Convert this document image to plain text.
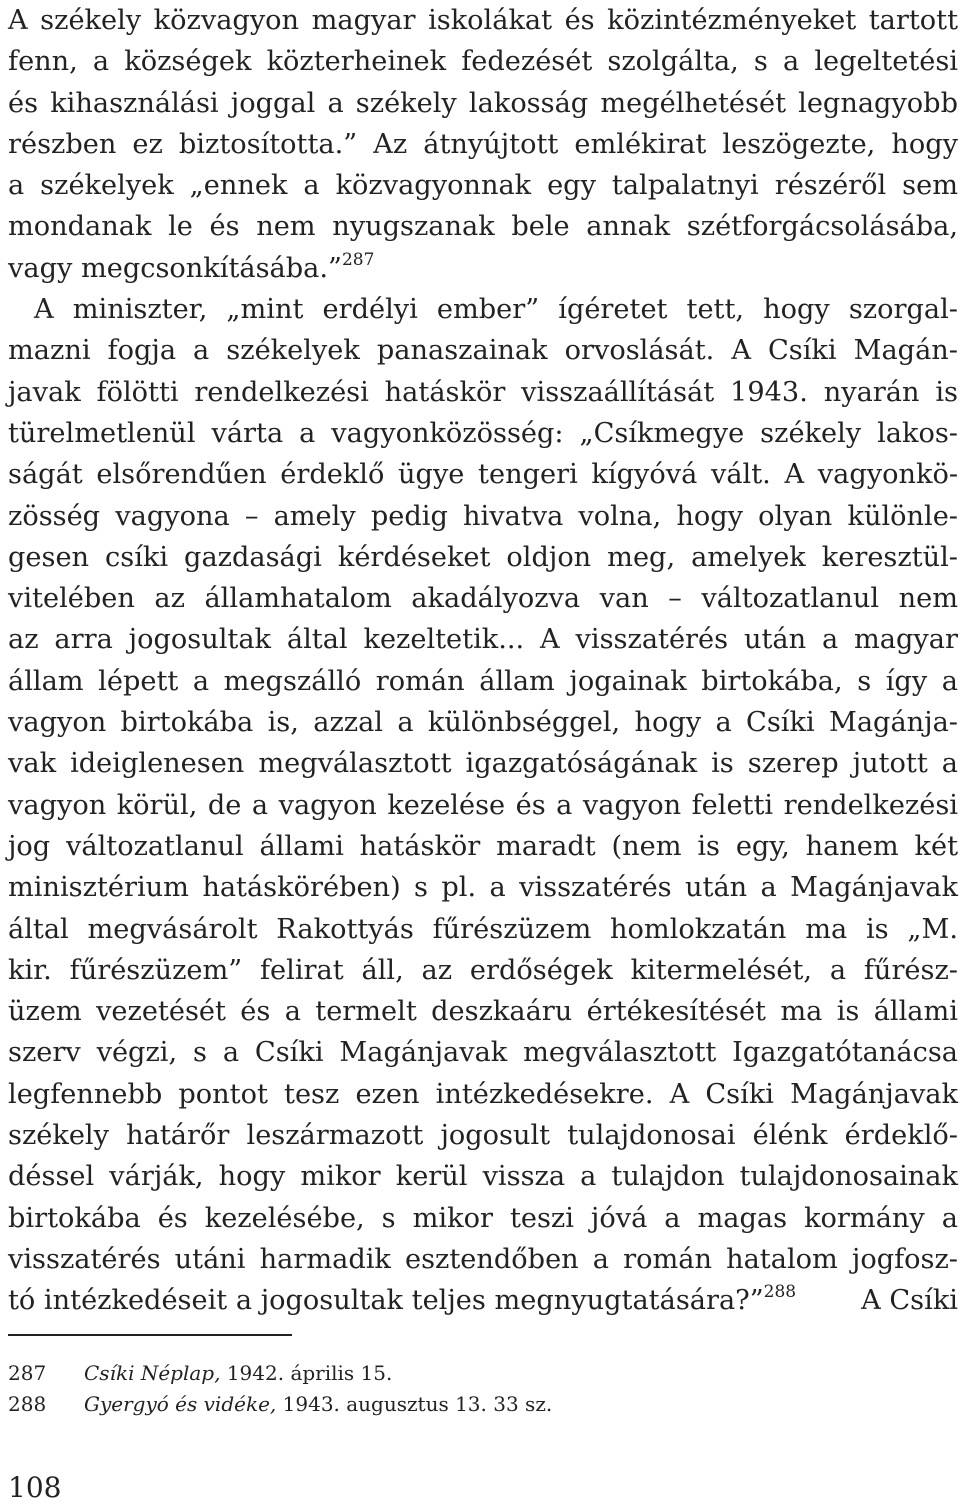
A székely közvagyon magyar iskolákat és közintézményeket tartott
fenn, a községek közterheinek fedezését szolgálta, s a legeltetési
és kihasználási joggal a székely lakosság megélhetését legnagyobb
részben ez biztosította.” Az átnyújtott emlékirat leszögezte, hogy
a székelyek „ennek a közvagyonnak egy talpalatnyi részéről sem
mondanak le és nem nyugszanak bele annak szétforgácsolásába,
vagy megcsonkításába.”$^{287}$
A miniszter, „mint erdélyi ember” ígéretet tett, hogy szorgal-
mazni fogja a székelyek panaszainak orvoslását. A Csíki Magán-
javak fölötti rendelkezési hatáskör visszaállítását 1943. nyarán is
türelmetlenül várta a vagyonközösség: „Csíkmegye székely lakos-
ságát elsőrendűen érdeklő ügye tengeri kígyóvá vált. A vagyonkö-
zösség vagyona – amely pedig hivatva volna, hogy olyan különle-
gesen csíki gazdasági kérdéseket oldjon meg, amelyek keresztül-
vitelében az államhatalom akadályozva van – változatlanul nem
az arra jogosultak által kezeltetik... A visszatérés után a magyar
állam lépett a megszálló román állam jogainak birtokába, s így a
vagyon birtokába is, azzal a különbséggel, hogy a Csíki Magánja-
vak ideiglenesen megválasztott igazgatóságának is szerep jutott a
vagyon körül, de a vagyon kezelése és a vagyon feletti rendelkezési
jog változatlanul állami hatáskör maradt (nem is egy, hanem két
minisztérium hatáskörében) s pl. a visszatérés után a Magánjavak
által megvásárolt Rakottyás fűrészüzem homlokzatán ma is „M.
kir. fűrészüzem” felirat áll, az erdőségek kitermelését, a fűrész-
üzem vezetését és a termelt deszkaáru értékesítését ma is állami
szerv végzi, s a Csíki Magánjavak megválasztott Igazgatótanácsa
legfennebb pontot tesz ezen intézkedésekre. A Csíki Magánjavak
székely határőr leszármazott jogosult tulajdonosai élénk érdeklő-
déssel várják, hogy mikor kerül vissza a tulajdon tulajdonosainak
birtokába és kezelésébe, s mikor teszi jóvá a magas kormány a
visszatérés utáni harmadik esztendőben a román hatalom jogfosz-
tó intézkedéseit a jogosultak teljes megnyugtatására?”$^{288}$ A Csíki
287 Csíki Néplap, 1942. április 15.
288 Gyergyó és vidéke, 1943. augusztus 13. 33 sz.
108
